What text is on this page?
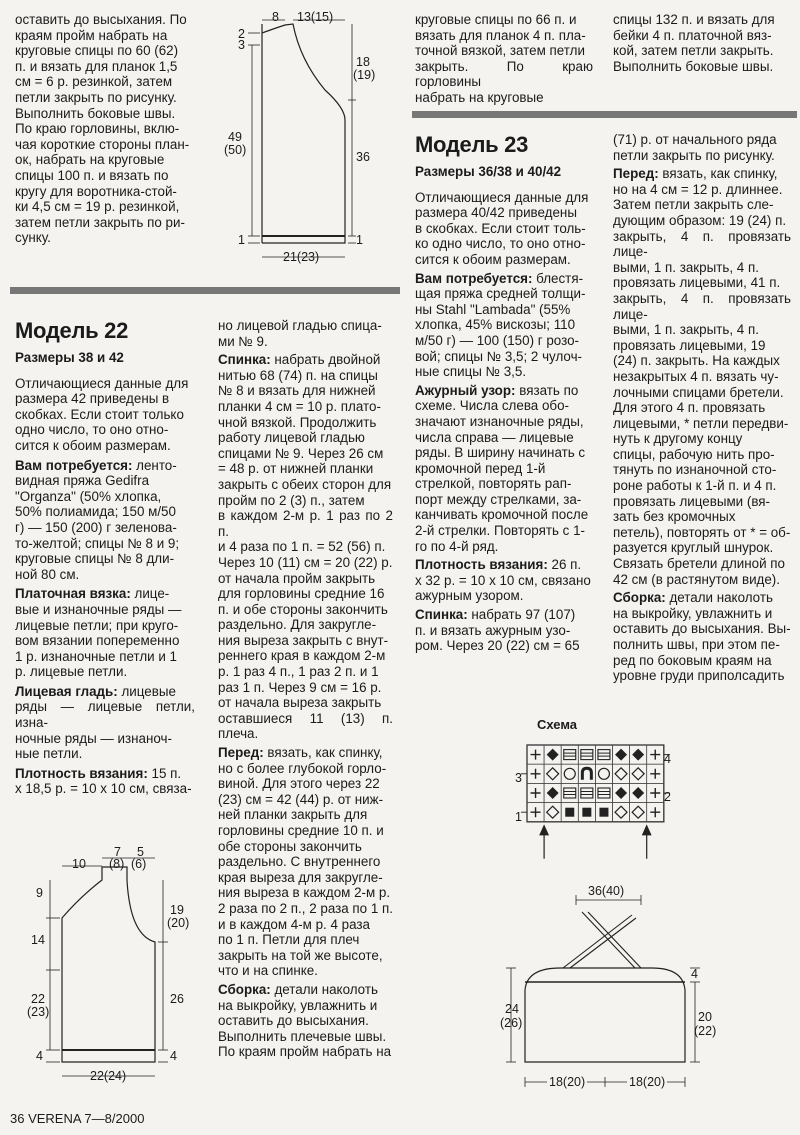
оставить до высыхания. По
краям пройм набрать на
круговые спицы по 60 (62)
п. и вязать для планок 1,5
см = 6 р. резинкой, затем
петли закрыть по рисунку.
Выполнить боковые швы.
По краю горловины, вклю-
чая короткие стороны план-
ок, набрать на круговые
спицы 100 п. и вязать по
кругу для воротника-стой-
ки 4,5 см = 19 р. резинкой,
затем петли закрыть по ри-
сунку.
8 13(15)
2
3
18
(19)
49
(50)	36
1	1
21(23)
круговые спицы по 66 п. и
вязать для планок 4 п. пла-
точной вязкой, затем петли
закрыть. По краю горловины
набрать на круговые
спицы 132 п. и вязать для
бейки 4 п. платочной вяз-
кой, затем петли закрыть.
Выполнить боковые швы.
Модель 22
Размеры 38 и 42
Отличающиеся данные для
размера 42 приведены в
скобках. Если стоит только
одно число, то оно отно-
сится к обоим размерам.
Вам потребуется: ленто-
видная пряжа Gedifra
"Organza" (50% хлопка,
50% полиамида; 150 м/50
г) — 150 (200) г зеленова-
то-желтой; спицы № 8 и 9;
круговые спицы № 8 дли-
ной 80 см.
Платочная вязка: лице-
вые и изнаночные ряды —
лицевые петли; при круго-
вом вязании попеременно
1 р. изнаночные петли и 1
р. лицевые петли.
Лицевая гладь: лицевые
ряды — лицевые петли, изна-
ночные ряды — изнаноч-
ные петли.
Плотность вязания: 15 п.
х 18,5 р. = 10 х 10 см, связа-
7
(8)
5
(6)
10
9
14
22
(23)
4
19
(20)
26
4
22(24)
но лицевой гладью спица-
ми № 9.
Спинка: набрать двойной
нитью 68 (74) п. на спицы
№ 8 и вязать для нижней
планки 4 см = 10 р. плато-
чной вязкой. Продолжить
работу лицевой гладью
спицами № 9. Через 26 см
= 48 р. от нижней планки
закрыть с обеих сторон для
пройм по 2 (3) п., затем
в каждом 2-м р. 1 раз по 2 п.
и 4 раза по 1 п. = 52 (56) п.
Через 10 (11) см = 20 (22) р.
от начала пройм закрыть
для горловины средние 16
п. и обе стороны закончить
раздельно. Для закругле-
ния выреза закрыть с внут-
реннего края в каждом 2-м
р. 1 раз 4 п., 1 раз 2 п. и 1
раз 1 п. Через 9 см = 16 р.
от начала выреза закрыть
оставшиеся 11 (13) п. плеча.
Перед: вязать, как спинку,
но с более глубокой горло-
виной. Для этого через 22
(23) см = 42 (44) р. от ниж-
ней планки закрыть для
горловины средние 10 п. и
обе стороны закончить
раздельно. С внутреннего
края выреза для закругле-
ния выреза в каждом 2-м р.
2 раза по 2 п., 2 раза по 1 п.
и в каждом 4-м р. 4 раза
по 1 п. Петли для плеч
закрыть на той же высоте,
что и на спинке.
Сборка: детали наколоть
на выкройку, увлажнить и
оставить до высыхания.
Выполнить плечевые швы.
По краям пройм набрать на
Модель 23
Размеры 36/38 и 40/42
Отличающиеся данные для
размера 40/42 приведены
в скобках. Если стоит толь-
ко одно число, то оно отно-
сится к обоим размерам.
Вам потребуется: блестя-
щая пряжа средней толщи-
ны Stahl "Lambada" (55%
хлопка, 45% вискозы; 110
м/50 г) — 100 (150) г розо-
вой; спицы № 3,5; 2 чулоч-
ные спицы № 3,5.
Ажурный узор: вязать по
схеме. Числа слева обо-
значают изнаночные ряды,
числа справа — лицевые
ряды. В ширину начинать с
кромочной перед 1-й
стрелкой, повторять рап-
порт между стрелками, за-
канчивать кромочной после
2-й стрелки. Повторять с 1-
го по 4-й ряд.
Плотность вязания: 26 п.
х 32 р. = 10 х 10 см, связано
ажурным узором.
Спинка: набрать 97 (107)
п. и вязать ажурным узо-
ром. Через 20 (22) см = 65
(71) р. от начального ряда
петли закрыть по рисунку.
Перед: вязать, как спинку,
но на 4 см = 12 р. длиннее.
Затем петли закрыть сле-
дующим образом: 19 (24) п.
закрыть, 4 п. провязать лице-
выми, 1 п. закрыть, 4 п.
провязать лицевыми, 41 п.
закрыть, 4 п. провязать лице-
выми, 1 п. закрыть, 4 п.
провязать лицевыми, 19
(24) п. закрыть. На каждых
незакрытых 4 п. вязать чу-
лочными спицами бретели.
Для этого 4 п. провязать
лицевыми, * петли передви-
нуть к другому концу
спицы, рабочую нить про-
тянуть по изнаночной сто-
роне работы к 1-й п. и 4 п.
провязать лицевыми (вя-
зать без кромочных
петель), повторять от * = об-
разуется круглый шнурок.
Связать бретели длиной по
42 см (в растянутом виде).
Сборка: детали наколоть
на выкройку, увлажнить и
оставить до высыхания. Вы-
полнить швы, при этом пе-
ред по боковым краям на
уровне груди приполсадить
Схема
4
3
2
1
36(40)
24
(26)
4
20
(22)
18(20)	18(20)
36 VERENA 7—8/2000
